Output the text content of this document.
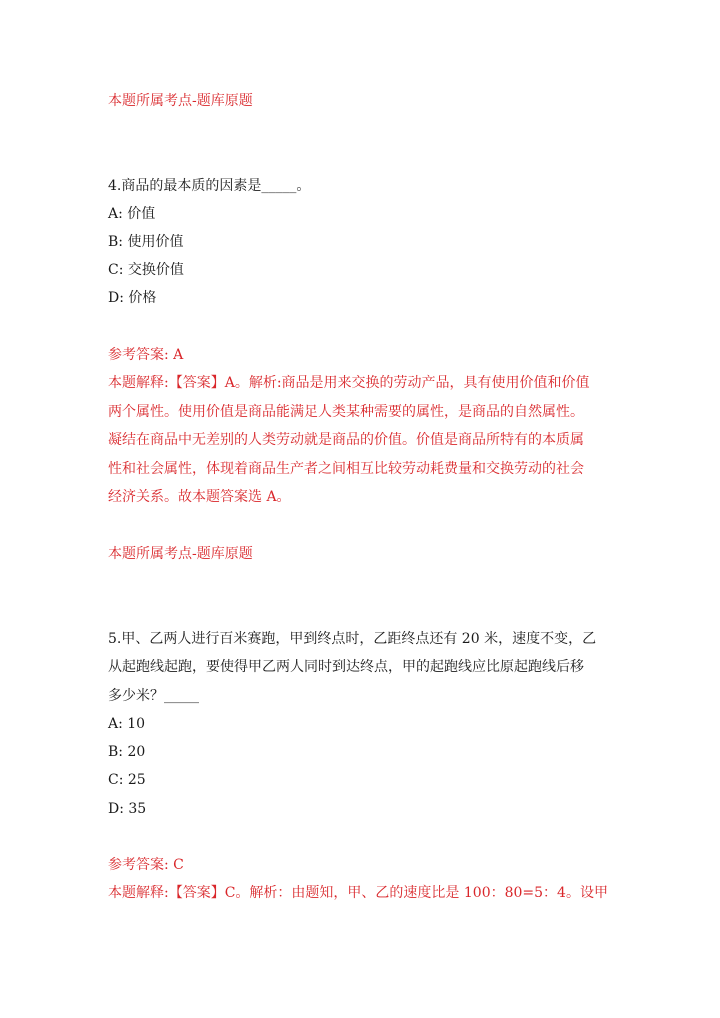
本题所属考点-题库原题

4.商品的最本质的因素是_____。

A: 价值

B: 使用价值

C: 交换价值

D: 价格

参考答案: A

本题解释:【答案】A。解析:商品是用来交换的劳动产品，具有使用价值和价值

两个属性。使用价值是商品能满足人类某种需要的属性，是商品的自然属性。

凝结在商品中无差别的人类劳动就是商品的价值。价值是商品所特有的本质属

性和社会属性，体现着商品生产者之间相互比较劳动耗费量和交换劳动的社会

经济关系。故本题答案选 A。

本题所属考点-题库原题

5.甲、乙两人进行百米赛跑，甲到终点时，乙距终点还有 20 米，速度不变，乙

从起跑线起跑，要使得甲乙两人同时到达终点，甲的起跑线应比原起跑线后移

多少米？_____

A: 10

B: 20

C: 25

D: 35

参考答案: C

本题解释:【答案】C。解析：由题知，甲、乙的速度比是 100：80=5：4。设甲
